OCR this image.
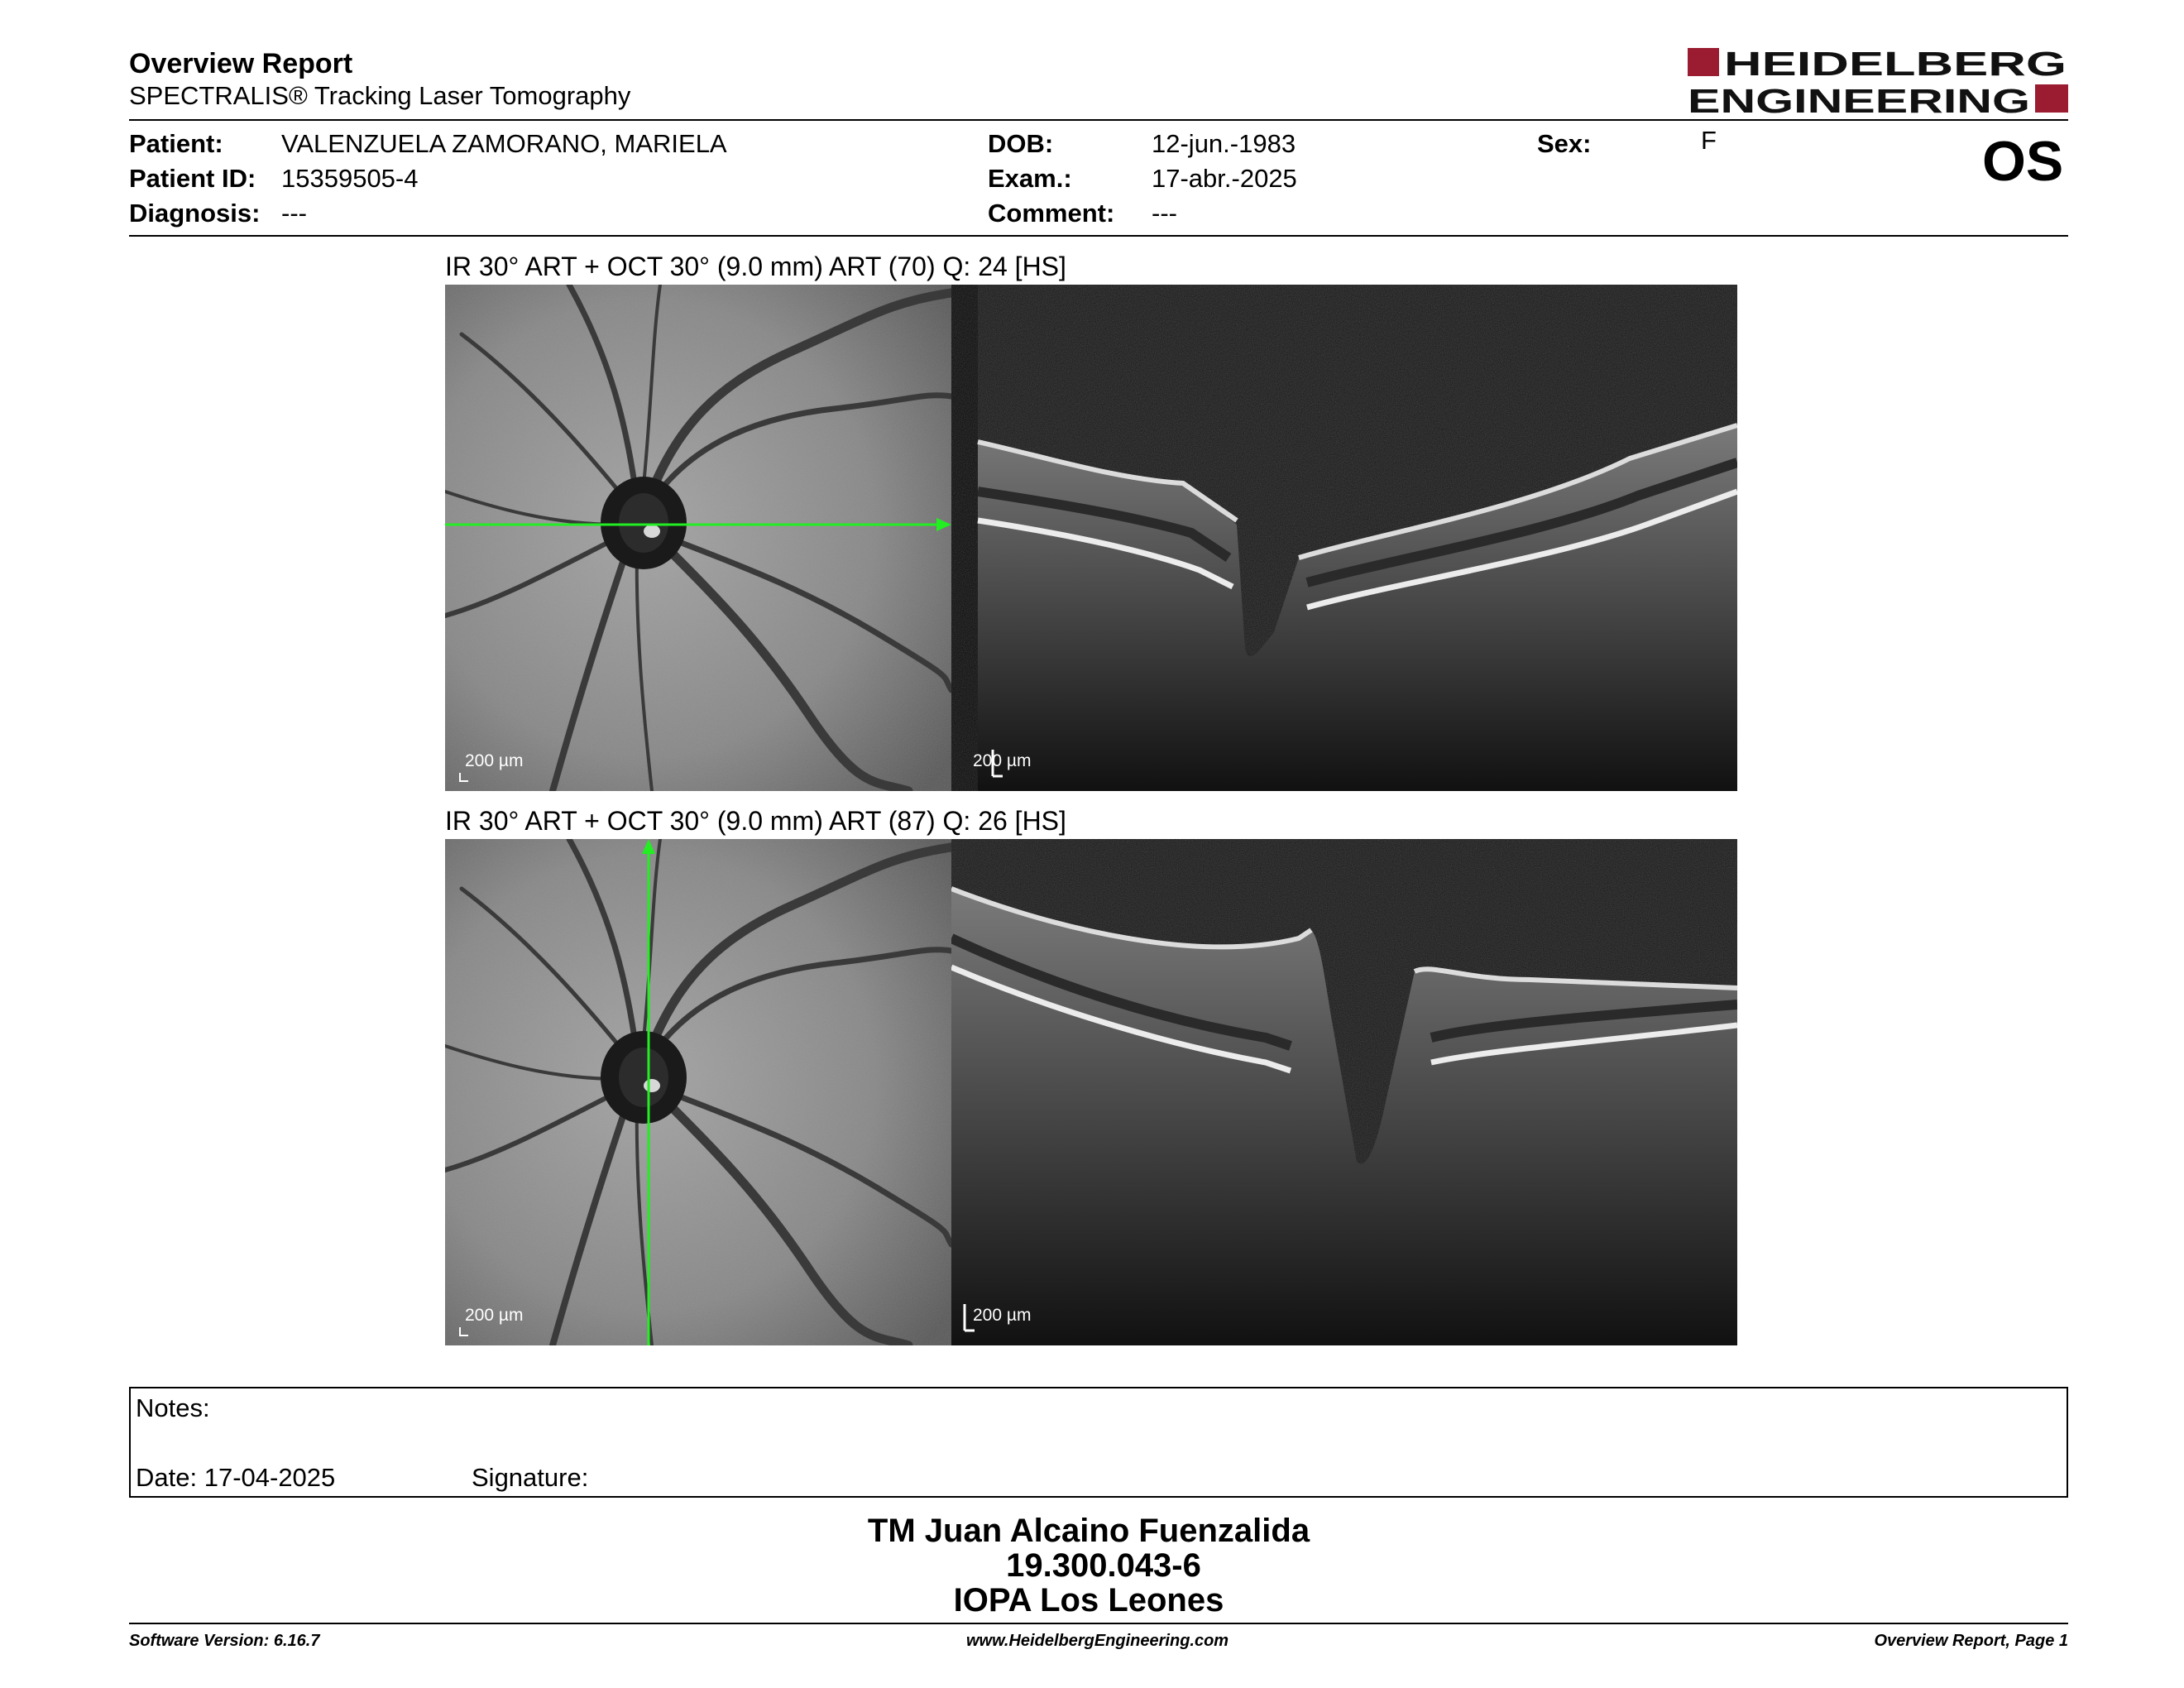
Overview Report
SPECTRALIS® Tracking Laser Tomography
HEIDELBERG
ENGINEERING
Patient: VALENZUELA ZAMORANO, MARIELA
Patient ID: 15359505-4
Diagnosis: ---
DOB:	12-jun.-1983
Exam.:	17-abr.-2025
Comment: ---
Sex:	F	OS
IR 30° ART + OCT 30° (9.0 mm) ART (70) Q: 24 [HS]
200 µm	200 µm
IR 30° ART + OCT 30° (9.0 mm) ART (87) Q: 26 [HS]
200 µm	200 µm
Notes:
Date: 17-04-2025	Signature:
TM Juan Alcaino Fuenzalida
19.300.043-6
IOPA Los Leones
Software Version: 6.16.7	www.HeidelbergEngineering.com	Overview Report, Page 1
